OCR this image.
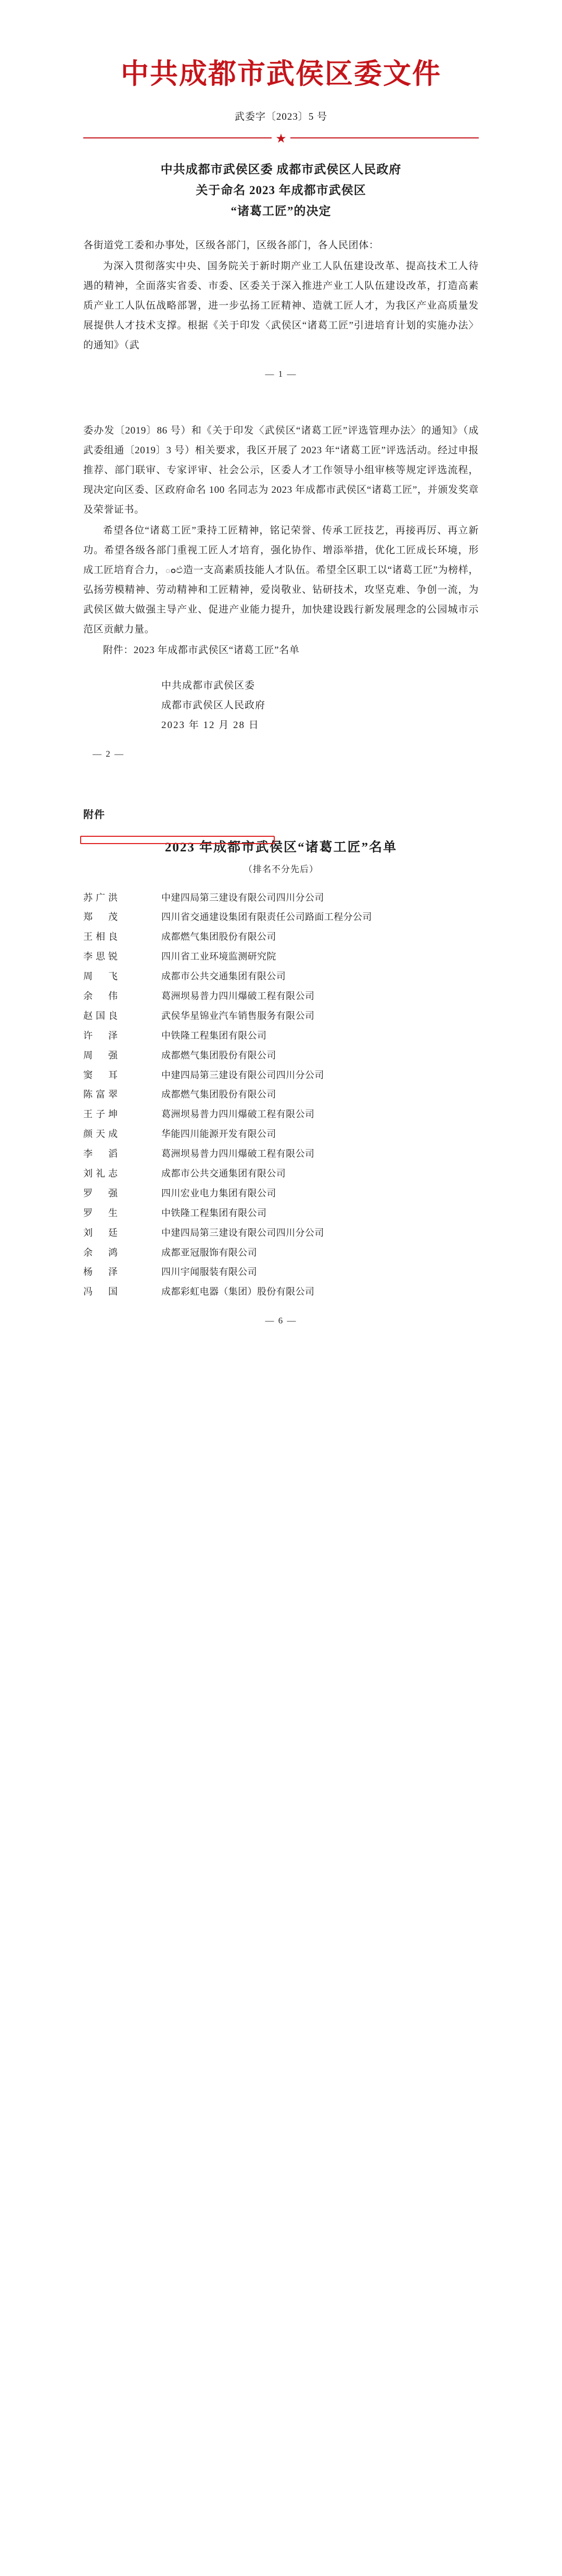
中共成都市武侯区委文件
武委字〔2023〕5 号
★
中共成都市武侯区委 成都市武侯区人民政府
关于命名 2023 年成都市武侯区
“诸葛工匠”的决定

各街道党工委和办事处，区级各部门，区级各部门，各人民团体：

为深入贯彻落实中央、国务院关于新时期产业工人队伍建设改革、提高技术工人待遇的精神，全面落实省委、市委、区委关于深入推进产业工人队伍建设改革，打造高素质产业工人队伍战略部署，进一步弘扬工匠精神、造就工匠人才，为我区产业高质量发展提供人才技术支撑。根据《关于印发〈武侯区“诸葛工匠”引进培育计划的实施办法〉的通知》（武

— 1 —

委办发〔2019〕86 号）和《关于印发〈武侯区“诸葛工匠”评选管理办法〉的通知》（成武委组通〔2019〕3 号）相关要求，我区开展了 2023 年“诸葛工匠”评选活动。经过申报推荐、部门联审、专家评审、社会公示，区委人才工作领导小组审核等规定评选流程，现决定向区委、区政府命名 100 名同志为 2023 年成都市武侯区“诸葛工匠”，并颁发奖章及荣誉证书。

希望各位“诸葛工匠”秉持工匠精神，铭记荣誉、传承工匠技艺，再接再厉、再立新功。希望各级各部门重视工匠人才培育，强化协作、增添举措，优化工匠成长环境，形成工匠培育合力，ంඑ造一支高素质技能人才队伍。希望全区职工以“诸葛工匠”为榜样，弘扬劳模精神、劳动精神和工匠精神，爱岗敬业、钻研技术，攻坚克难、争创一流，为武侯区做大做强主导产业、促进产业能力提升，加快建设践行新发展理念的公园城市示范区贡献力量。

附件：2023 年成都市武侯区“诸葛工匠”名单

中共成都市武侯区委
成都市武侯区人民政府
2023 年 12 月 28 日
— 2 —
附件
2023 年成都市武侯区“诸葛工匠”名单
（排名不分先后）
苏广洪	中建四局第三建设有限公司四川分公司
郑　茂	四川省交通建设集团有限责任公司路面工程分公司
王相良	成都燃气集团股份有限公司
李思锐	四川省工业环境监测研究院
周　飞	成都市公共交通集团有限公司
余　伟	葛洲坝易普力四川爆破工程有限公司
赵国良	武侯华星锦业汽车销售服务有限公司
许　泽	中铁隆工程集团有限公司
周　强	成都燃气集团股份有限公司
窦　耳	中建四局第三建设有限公司四川分公司
陈富翠	成都燃气集团股份有限公司
王子坤	葛洲坝易普力四川爆破工程有限公司
颜天成	华能四川能源开发有限公司
李　滔	葛洲坝易普力四川爆破工程有限公司
刘礼志	成都市公共交通集团有限公司
罗　强	四川宏业电力集团有限公司
罗　生	中铁隆工程集团有限公司
刘　廷	中建四局第三建设有限公司四川分公司
余　鸿	成都亚冠服饰有限公司
杨　泽	四川宇闻服装有限公司
冯　国	成都彩虹电器（集团）股份有限公司
— 6 —
